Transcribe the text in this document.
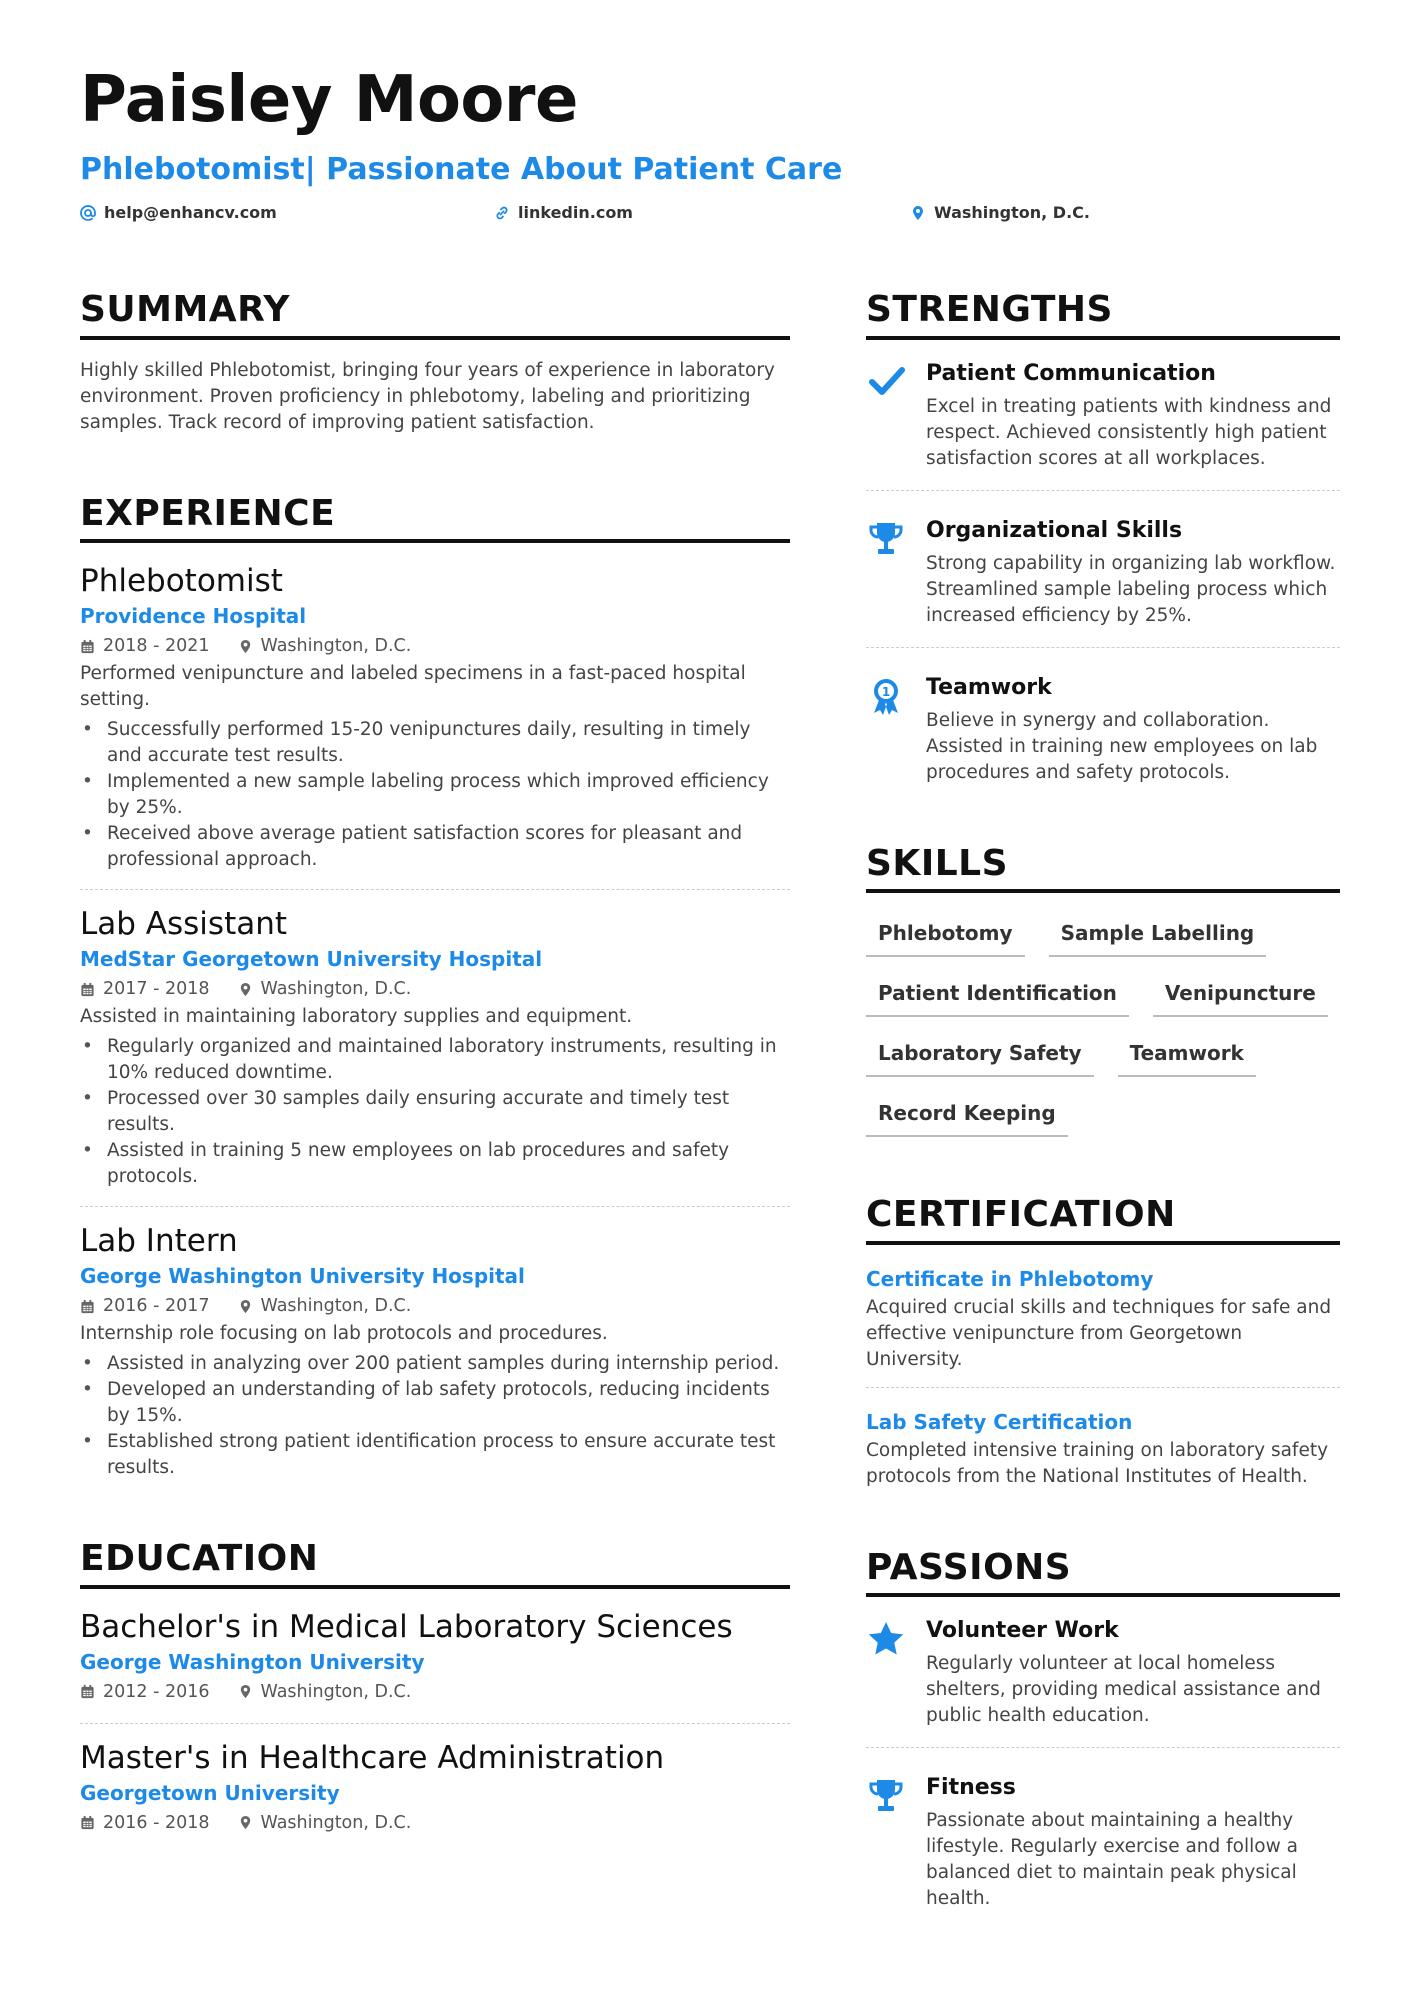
Paisley Moore
Phlebotomist| Passionate About Patient Care
help@enhancv.com	linkedin.com	Washington, D.C.
SUMMARY
Highly skilled Phlebotomist, bringing four years of experience in laboratory environment. Proven proficiency in phlebotomy, labeling and prioritizing samples. Track record of improving patient satisfaction.
EXPERIENCE
Phlebotomist
Providence Hospital
2018 - 2021	Washington, D.C.
Performed venipuncture and labeled specimens in a fast-paced hospital setting.
• Successfully performed 15-20 venipunctures daily, resulting in timely and accurate test results.
• Implemented a new sample labeling process which improved efficiency by 25%.
• Received above average patient satisfaction scores for pleasant and professional approach.
Lab Assistant
MedStar Georgetown University Hospital
2017 - 2018	Washington, D.C.
Assisted in maintaining laboratory supplies and equipment.
• Regularly organized and maintained laboratory instruments, resulting in 10% reduced downtime.
• Processed over 30 samples daily ensuring accurate and timely test results.
• Assisted in training 5 new employees on lab procedures and safety protocols.
Lab Intern
George Washington University Hospital
2016 - 2017	Washington, D.C.
Internship role focusing on lab protocols and procedures.
• Assisted in analyzing over 200 patient samples during internship period.
• Developed an understanding of lab safety protocols, reducing incidents by 15%.
• Established strong patient identification process to ensure accurate test results.
EDUCATION
Bachelor's in Medical Laboratory Sciences
George Washington University
2012 - 2016	Washington, D.C.
Master's in Healthcare Administration
Georgetown University
2016 - 2018	Washington, D.C.
STRENGTHS
Patient Communication
Excel in treating patients with kindness and respect. Achieved consistently high patient satisfaction scores at all workplaces.
Organizational Skills
Strong capability in organizing lab workflow. Streamlined sample labeling process which increased efficiency by 25%.
1 Teamwork
Believe in synergy and collaboration. Assisted in training new employees on lab procedures and safety protocols.
SKILLS
Phlebotomy	Sample Labelling
Patient Identification	Venipuncture
Laboratory Safety	Teamwork
Record Keeping
CERTIFICATION
Certificate in Phlebotomy
Acquired crucial skills and techniques for safe and effective venipuncture from Georgetown University.
Lab Safety Certification
Completed intensive training on laboratory safety protocols from the National Institutes of Health.
PASSIONS
Volunteer Work
Regularly volunteer at local homeless shelters, providing medical assistance and public health education.
Fitness
Passionate about maintaining a healthy lifestyle. Regularly exercise and follow a balanced diet to maintain peak physical health.
